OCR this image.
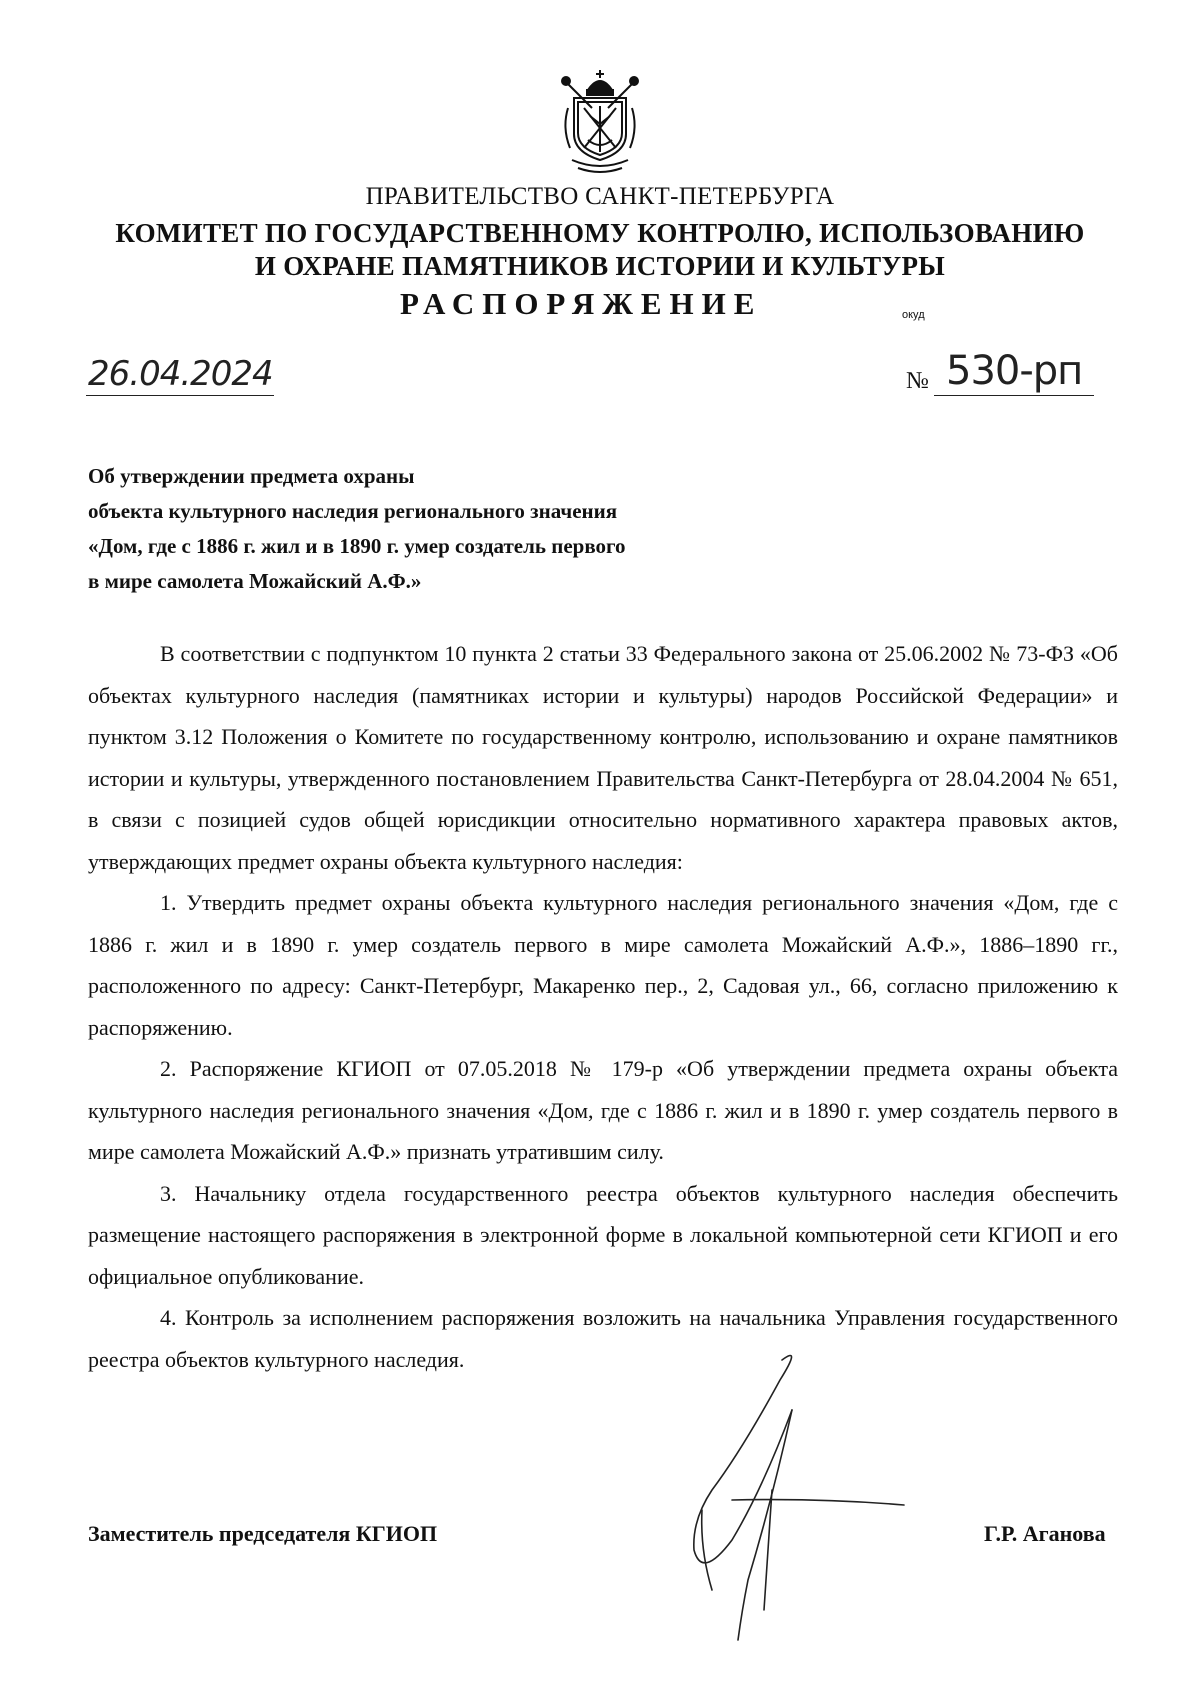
ПРАВИТЕЛЬСТВО САНКТ-ПЕТЕРБУРГА
КОМИТЕТ ПО ГОСУДАРСТВЕННОМУ КОНТРОЛЮ, ИСПОЛЬЗОВАНИЮ
И ОХРАНЕ ПАМЯТНИКОВ ИСТОРИИ И КУЛЬТУРЫ
РАСПОРЯЖЕНИЕ	окуд
26.04.2024	№ 530-рп
Об утверждении предмета охраны
объекта культурного наследия регионального значения
«Дом, где с 1886 г. жил и в 1890 г. умер создатель первого
в мире самолета Можайский А.Ф.»

В соответствии с подпунктом 10 пункта 2 статьи 33 Федерального закона от 25.06.2002 № 73-ФЗ «Об объектах культурного наследия (памятниках истории и культуры) народов Российской Федерации» и пунктом 3.12 Положения о Комитете по государственному контролю, использованию и охране памятников истории и культуры, утвержденного постановлением Правительства Санкт-Петербурга от 28.04.2004 № 651, в связи с позицией судов общей юрисдикции относительно нормативного характера правовых актов, утверждающих предмет охраны объекта культурного наследия:

1. Утвердить предмет охраны объекта культурного наследия регионального значения «Дом, где с 1886 г. жил и в 1890 г. умер создатель первого в мире самолета Можайский А.Ф.», 1886–1890 гг., расположенного по адресу: Санкт-Петербург, Макаренко пер., 2, Садовая ул., 66, согласно приложению к распоряжению.

2. Распоряжение КГИОП от 07.05.2018 № 179-р «Об утверждении предмета охраны объекта культурного наследия регионального значения «Дом, где с 1886 г. жил и в 1890 г. умер создатель первого в мире самолета Можайский А.Ф.» признать утратившим силу.

3. Начальнику отдела государственного реестра объектов культурного наследия обеспечить размещение настоящего распоряжения в электронной форме в локальной компьютерной сети КГИОП и его официальное опубликование.

4. Контроль за исполнением распоряжения возложить на начальника Управления государственного реестра объектов культурного наследия.

Заместитель председателя КГИОП	Г.Р. Аганова
